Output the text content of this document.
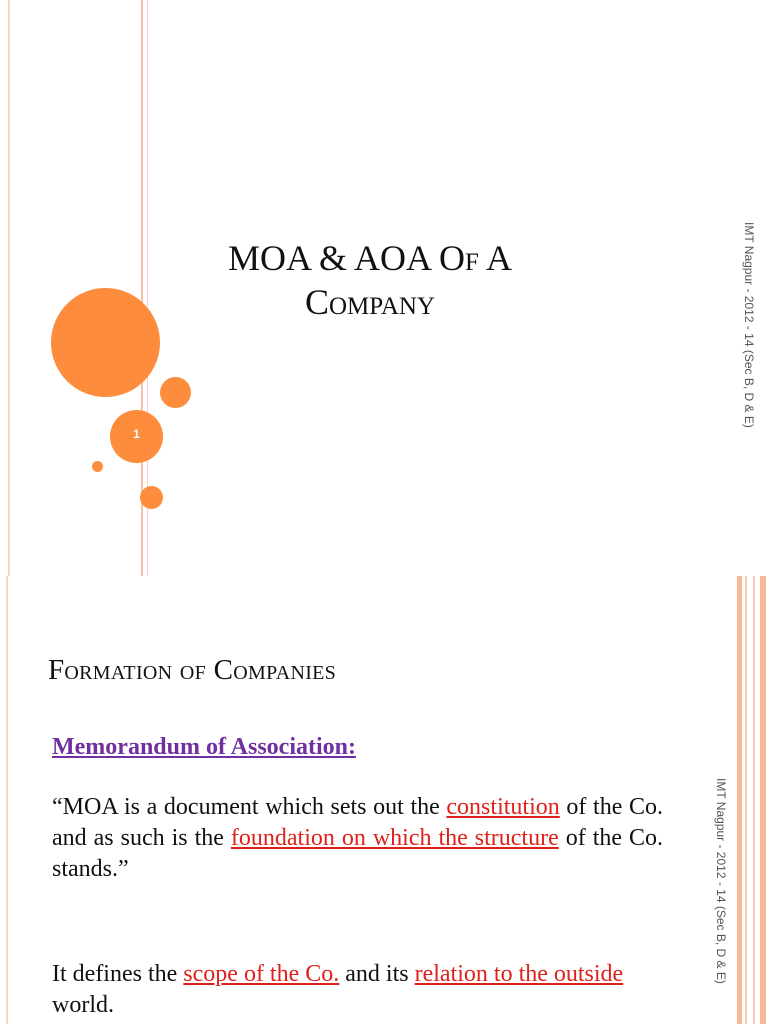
1
MOA & AOA Of A
Company	IMT Nagpur - 2012 - 14 (Sec B, D & E)
Formation of Companies
Memorandum of Association:
“MOA is a document which sets out the constitution of the Co. and as such is the foundation on which the structure of the Co. stands.”
It defines the scope of the Co. and its relation to the outside world.
IMT Nagpur - 2012 - 14 (Sec B, D & E)
